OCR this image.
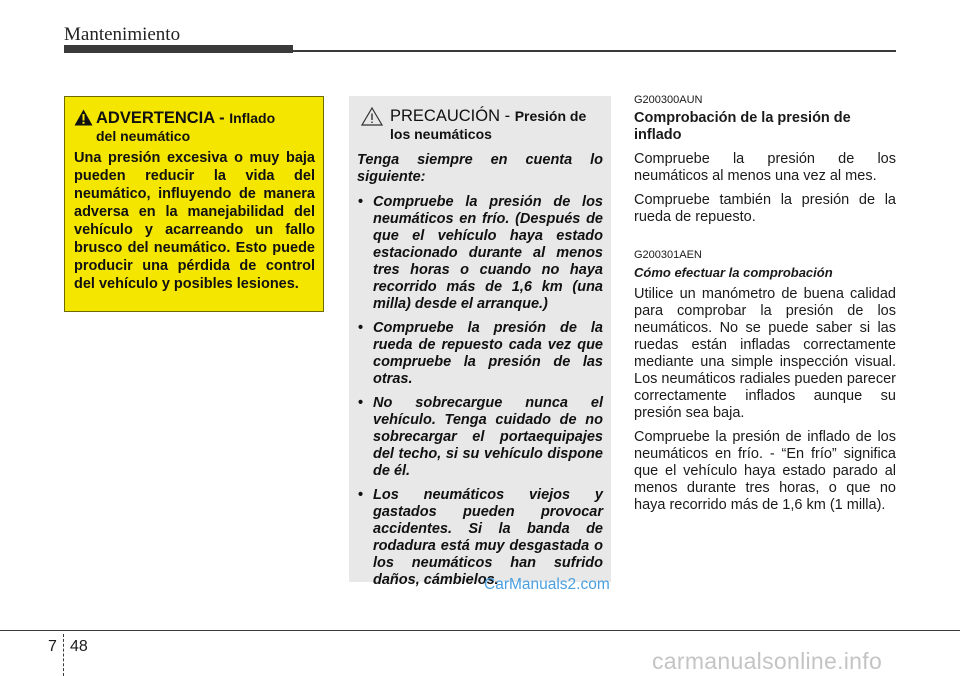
Mantenimiento
ADVERTENCIA - Inflado
del neumático
Una presión excesiva o muy baja pueden reducir la vida del neumático, influyendo de manera adversa en la manejabilidad del vehículo y acarreando un fallo brusco del neumático. Esto puede producir una pérdida de control del vehículo y posibles lesiones.
PRECAUCIÓN - Presión de
los neumáticos
Tenga siempre en cuenta lo siguiente:
• Compruebe la presión de los neumáticos en frío. (Después de que el vehículo haya estado estacionado durante al menos tres horas o cuando no haya recorrido más de 1,6 km (una milla) desde el arranque.)
• Compruebe la presión de la rueda de repuesto cada vez que compruebe la presión de las otras.
• No sobrecargue nunca el vehículo. Tenga cuidado de no sobrecargar el portaequipajes del techo, si su vehículo dispone de él.
• Los neumáticos viejos y gastados pueden provocar accidentes. Si la banda de rodadura está muy desgastada o los neumáticos han sufrido daños, cámbielos.
G200300AUN
Comprobación de la presión de inflado

Compruebe la presión de los neumáticos al menos una vez al mes.

Compruebe también la presión de la rueda de repuesto.

G200301AEN
Cómo efectuar la comprobación

Utilice un manómetro de buena calidad para comprobar la presión de los neumáticos. No se puede saber si las ruedas están infladas correctamente mediante una simple inspección visual. Los neumáticos radiales pueden parecer correctamente inflados aunque su presión sea baja.

Compruebe la presión de inflado de los neumáticos en frío. - “En frío” significa que el vehículo haya estado parado al menos durante tres horas, o que no haya recorrido más de 1,6 km (1 milla).

CarManuals2.com
7 48
carmanualsonline.info
